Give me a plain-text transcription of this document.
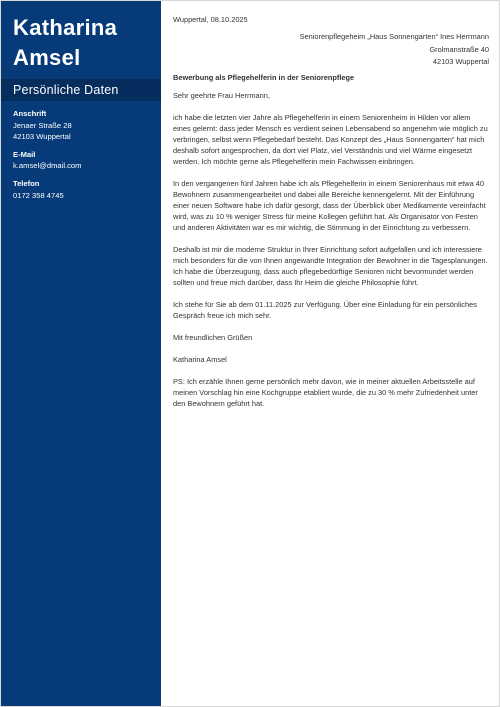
Katharina
Amsel
Persönliche Daten
Anschrift
Jenaer Straße 28
42103 Wuppertal
E-Mail
k.amsel@dmail.com
Telefon
0172 358 4745
Wuppertal, 08.10.2025
Seniorenpflegeheim „Haus Sonnengarten“ Ines Herrmann
Grolmanstraße 40
42103 Wuppertal
Bewerbung als Pflegehelferin in der Seniorenpflege

Sehr geehrte Frau Herrmann,

ich habe die letzten vier Jahre als Pflegehelferin in einem Seniorenheim in Hilden vor allem eines gelernt: dass jeder Mensch es verdient seinen Lebensabend so angenehm wie möglich zu verbringen, selbst wenn Pflegebedarf besteht. Das Konzept des „Haus Sonnengarten“ hat mich deshalb sofort angesprochen, da dort viel Platz, viel Verständnis und viel Wärme eingesetzt werden. Ich möchte gerne als Pflegehelferin mein Fachwissen einbringen.

In den vergangenen fünf Jahren habe ich als Pflegehelferin in einem Seniorenhaus mit etwa 40 Bewohnern zusammengearbeitet und dabei alle Bereiche kennengelernt. Mit der Einführung einer neuen Software habe ich dafür gesorgt, dass der Überblick über Medikamente vereinfacht wird, was zu 10 % weniger Stress für meine Kollegen geführt hat. Als Organisator von Festen und anderen Aktivitäten war es mir wichtig, die Stimmung in der Einrichtung zu verbessern.

Deshalb ist mir die moderne Struktur in Ihrer Einrichtung sofort aufgefallen und ich interessiere mich besonders für die von Ihnen angewandte Integration der Bewohner in die Tagesplanungen. Ich habe die Überzeugung, dass auch pflegebedürftige Senioren nicht bevormundet werden sollten und freue mich darüber, dass Ihr Heim die gleiche Philosophie führt.

Ich stehe für Sie ab dem 01.11.2025 zur Verfügung. Über eine Einladung für ein persönliches Gespräch freue ich mich sehr.

Mit freundlichen Grüßen

Katharina Amsel

PS: Ich erzähle Ihnen gerne persönlich mehr davon, wie in meiner aktuellen Arbeitsstelle auf meinen Vorschlag hin eine Kochgruppe etabliert wurde, die zu 30 % mehr Zufriedenheit unter den Bewohnern geführt hat.
